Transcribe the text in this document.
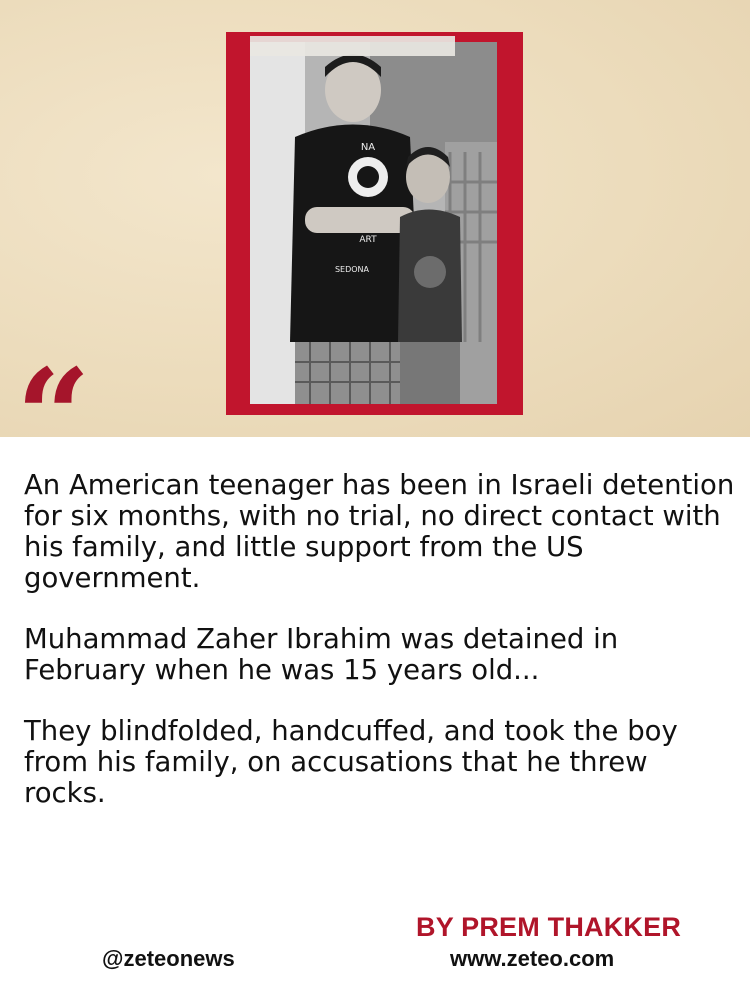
NA
ART
SEDONA
“

An American teenager has been in Israeli detention for six months, with no trial, no direct contact with his family, and little support from the US government.

Muhammad Zaher Ibrahim was detained in February when he was 15 years old...

They blindfolded, handcuffed, and took the boy from his family, on accusations that he threw rocks.

BY PREM THAKKER
@zeteonews	www.zeteo.com
